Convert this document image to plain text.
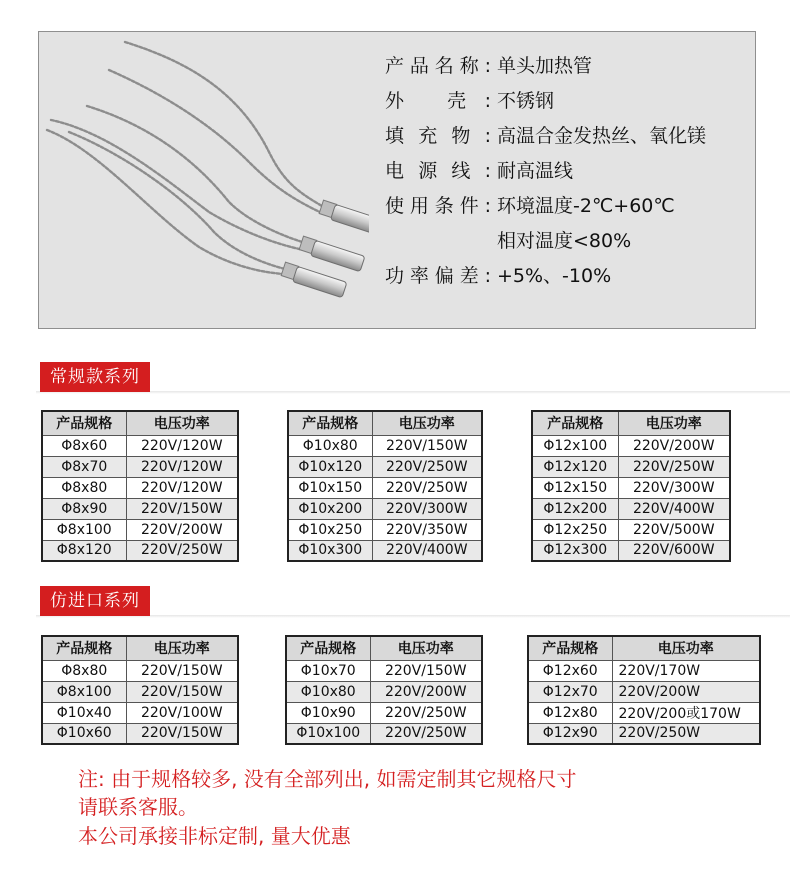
产品名称: 单头加热管
外 壳: 不锈钢
填充物: 高温合金发热丝、氧化镁
电源线: 耐高温线
使用条件: 环境温度-2℃+60℃
相对温度<80%
功率偏差: +5%、-10%
常规款系列
产品规格	电压功率
Φ8x60	220V/120W
Φ8x70	220V/120W
Φ8x80	220V/120W
Φ8x90	220V/150W
Φ8x100	220V/200W
Φ8x120	220V/250W
产品规格	电压功率
Φ10x80	220V/150W
Φ10x120	220V/250W
Φ10x150	220V/250W
Φ10x200	220V/300W
Φ10x250	220V/350W
Φ10x300	220V/400W
产品规格	电压功率
Φ12x100	220V/200W
Φ12x120	220V/250W
Φ12x150	220V/300W
Φ12x200	220V/400W
Φ12x250	220V/500W
Φ12x300	220V/600W
仿进口系列
产品规格	电压功率
Φ8x80	220V/150W
Φ8x100	220V/150W
Φ10x40	220V/100W
Φ10x60	220V/150W
产品规格	电压功率
Φ10x70	220V/150W
Φ10x80	220V/200W
Φ10x90	220V/250W
Φ10x100	220V/250W
产品规格	电压功率
Φ12x60	220V/170W
Φ12x70	220V/200W
Φ12x80	220V/200或170W
Φ12x90	220V/250W
注: 由于规格较多, 没有全部列出, 如需定制其它规格尺寸
请联系客服。
本公司承接非标定制, 量大优惠
